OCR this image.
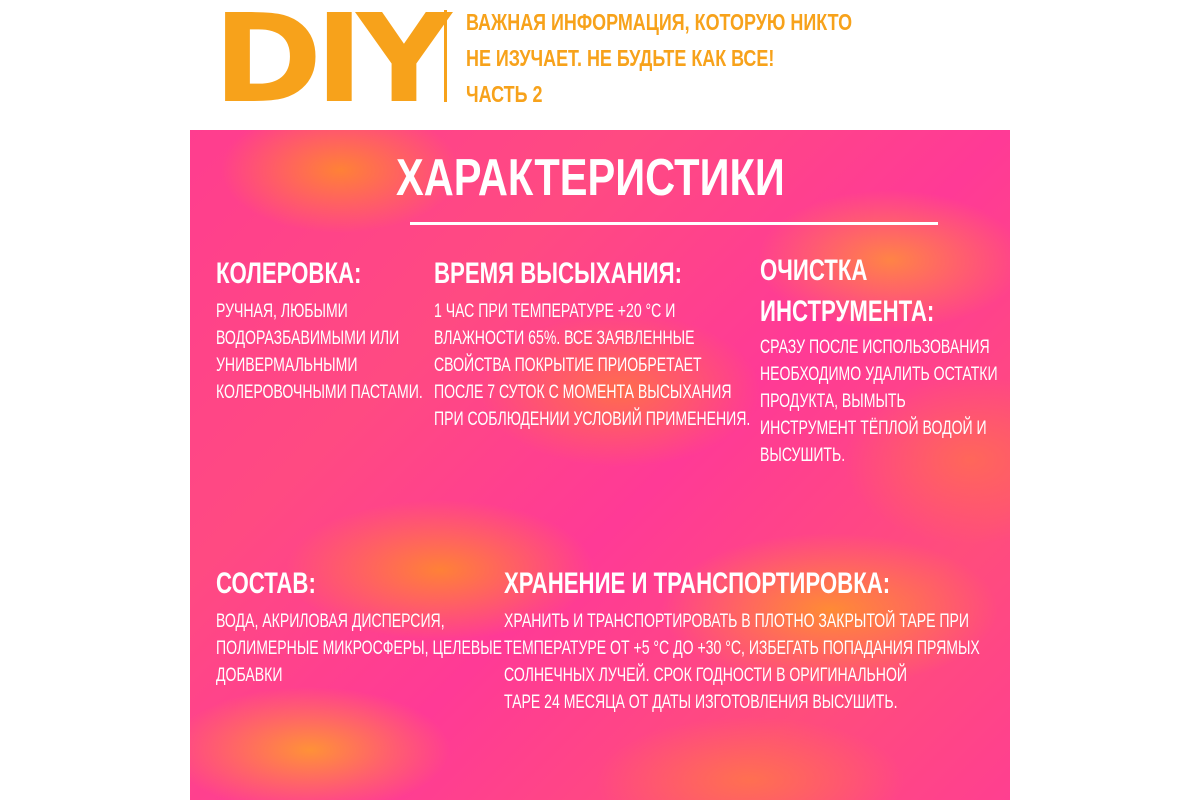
DIY ВАЖНАЯ ИНФОРМАЦИЯ, КОТОРУЮ НИКТО
НЕ ИЗУЧАЕТ. НЕ БУДЬТЕ КАК ВСЕ!
ЧАСТЬ 2
ХАРАКТЕРИСТИКИ
КОЛЕРОВКА:
РУЧНАЯ, ЛЮБЫМИ
ВОДОРАЗБАВИМЫМИ ИЛИ
УНИВЕРМАЛЬНЫМИ
КОЛЕРОВОЧНЫМИ ПАСТАМИ.
ВРЕМЯ ВЫСЫХАНИЯ:
1 ЧАС ПРИ ТЕМПЕРАТУРЕ +20 °С И
ВЛАЖНОСТИ 65%. ВСЕ ЗАЯВЛЕННЫЕ
СВОЙСТВА ПОКРЫТИЕ ПРИОБРЕТАЕТ
ПОСЛЕ 7 СУТОК С МОМЕНТА ВЫСЫХАНИЯ
ПРИ СОБЛЮДЕНИИ УСЛОВИЙ ПРИМЕНЕНИЯ.
ОЧИСТКА
ИНСТРУМЕНТА:
СРАЗУ ПОСЛЕ ИСПОЛЬЗОВАНИЯ
НЕОБХОДИМО УДАЛИТЬ ОСТАТКИ
ПРОДУКТА, ВЫМЫТЬ
ИНСТРУМЕНТ ТЁПЛОЙ ВОДОЙ И
ВЫСУШИТЬ.
СОСТАВ:
ВОДА, АКРИЛОВАЯ ДИСПЕРСИЯ,
ПОЛИМЕРНЫЕ МИКРОСФЕРЫ, ЦЕЛЕВЫЕ
ДОБАВКИ
ХРАНЕНИЕ И ТРАНСПОРТИРОВКА:
ХРАНИТЬ И ТРАНСПОРТИРОВАТЬ В ПЛОТНО ЗАКРЫТОЙ ТАРЕ ПРИ
ТЕМПЕРАТУРЕ ОТ +5 °С ДО +30 °С, ИЗБЕГАТЬ ПОПАДАНИЯ ПРЯМЫХ
СОЛНЕЧНЫХ ЛУЧЕЙ. СРОК ГОДНОСТИ В ОРИГИНАЛЬНОЙ
ТАРЕ 24 МЕСЯЦА ОТ ДАТЫ ИЗГОТОВЛЕНИЯ ВЫСУШИТЬ.
